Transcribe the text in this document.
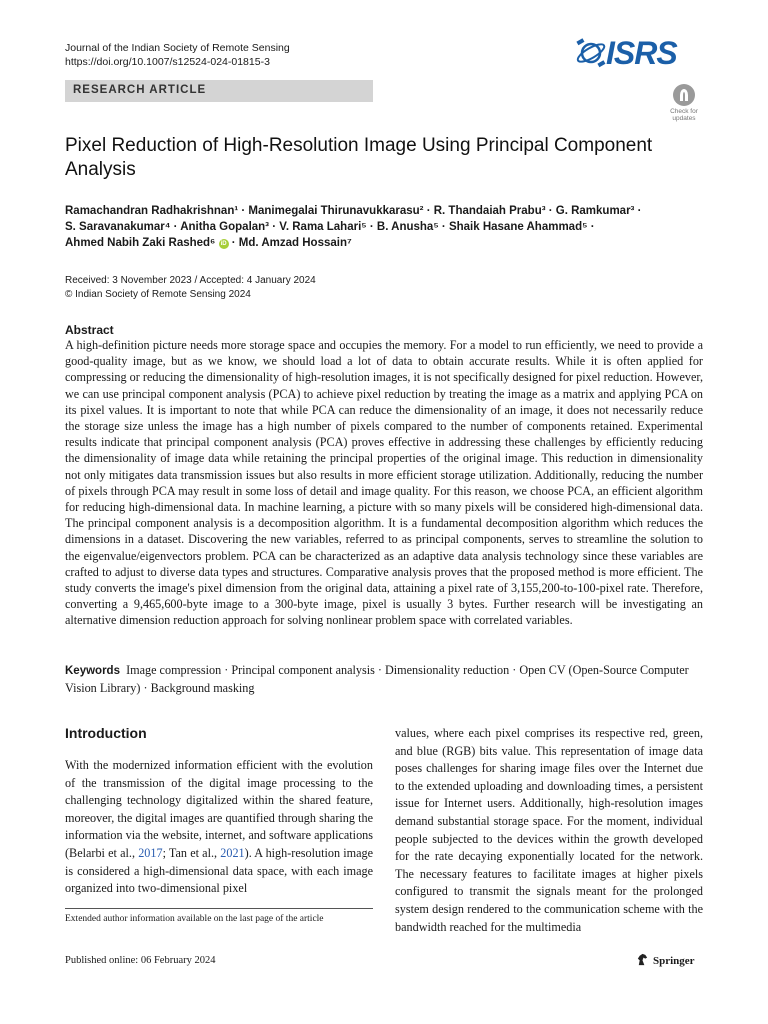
Journal of the Indian Society of Remote Sensing
https://doi.org/10.1007/s12524-024-01815-3	ISRS
RESEARCH ARTICLE
Check for
updates
Pixel Reduction of High-Resolution Image Using Principal Component Analysis
Ramachandran Radhakrishnan¹ · Manimegalai Thirunavukkarasu² · R. Thandaiah Prabu³ · G. Ramkumar³ ·
S. Saravanakumar⁴ · Anitha Gopalan³ · V. Rama Lahari⁵ · B. Anusha⁵ · Shaik Hasane Ahammad⁵ ·
Ahmed Nabih Zaki Rashed⁶ iD · Md. Amzad Hossain⁷
Received: 3 November 2023 / Accepted: 4 January 2024
© Indian Society of Remote Sensing 2024
Abstract
A high-definition picture needs more storage space and occupies the memory. For a model to run efficiently, we need to provide a good-quality image, but as we know, we should load a lot of data to obtain accurate results. While it is often applied for compressing or reducing the dimensionality of high-resolution images, it is not specifically designed for pixel reduction. However, we can use principal component analysis (PCA) to achieve pixel reduction by treating the image as a matrix and applying PCA on its pixel values. It is important to note that while PCA can reduce the dimensionality of an image, it does not necessarily reduce the storage size unless the image has a high number of pixels compared to the number of components retained. Experimental results indicate that principal component analysis (PCA) proves effective in addressing these challenges by efficiently reducing the dimensionality of image data while retaining the principal properties of the original image. This reduction in dimensionality not only mitigates data transmission issues but also results in more efficient storage utilization. Additionally, reducing the number of pixels through PCA may result in some loss of detail and image quality. For this reason, we choose PCA, an efficient algorithm for reducing high-dimensional data. In machine learning, a picture with so many pixels will be considered high-dimensional data. The principal component analysis is a decomposition algorithm. It is a fundamental decomposition algorithm which reduces the dimensions in a dataset. Discovering the new variables, referred to as principal components, serves to streamline the solution to the eigenvalue/eigenvectors problem. PCA can be characterized as an adaptive data analysis technology since these variables are crafted to adjust to diverse data types and structures. Comparative analysis proves that the proposed method is more efficient. The study converts the image's pixel dimension from the original data, attaining a pixel rate of 3,155,200-to-100-pixel rate. Therefore, converting a 9,465,600-byte image to a 300-byte image, pixel is usually 3 bytes. Further research will be investigating an alternative dimension reduction approach for solving nonlinear problem space with correlated variables.
Keywords Image compression · Principal component analysis · Dimensionality reduction · Open CV (Open-Source Computer Vision Library) · Background masking
Introduction
With the modernized information efficient with the evolution of the transmission of the digital image processing to the challenging technology digitalized within the shared feature, moreover, the digital images are quantified through sharing the information via the website, internet, and software applications (Belarbi et al., 2017; Tan et al., 2021). A high-resolution image is considered a high-dimensional data space, with each image organized into two-dimensional pixel
values, where each pixel comprises its respective red, green, and blue (RGB) bits value. This representation of image data poses challenges for sharing image files over the Internet due to the extended uploading and downloading times, a persistent issue for Internet users. Additionally, high-resolution images demand substantial storage space. For the moment, individual people subjected to the devices within the growth developed for the rate decaying exponentially located for the network. The necessary features to facilitate images at higher pixels configured to transmit the signals meant for the prolonged system design rendered to the communication scheme with the bandwidth reached for the multimedia
Extended author information available on the last page of the article
Published online: 06 February 2024	Springer
